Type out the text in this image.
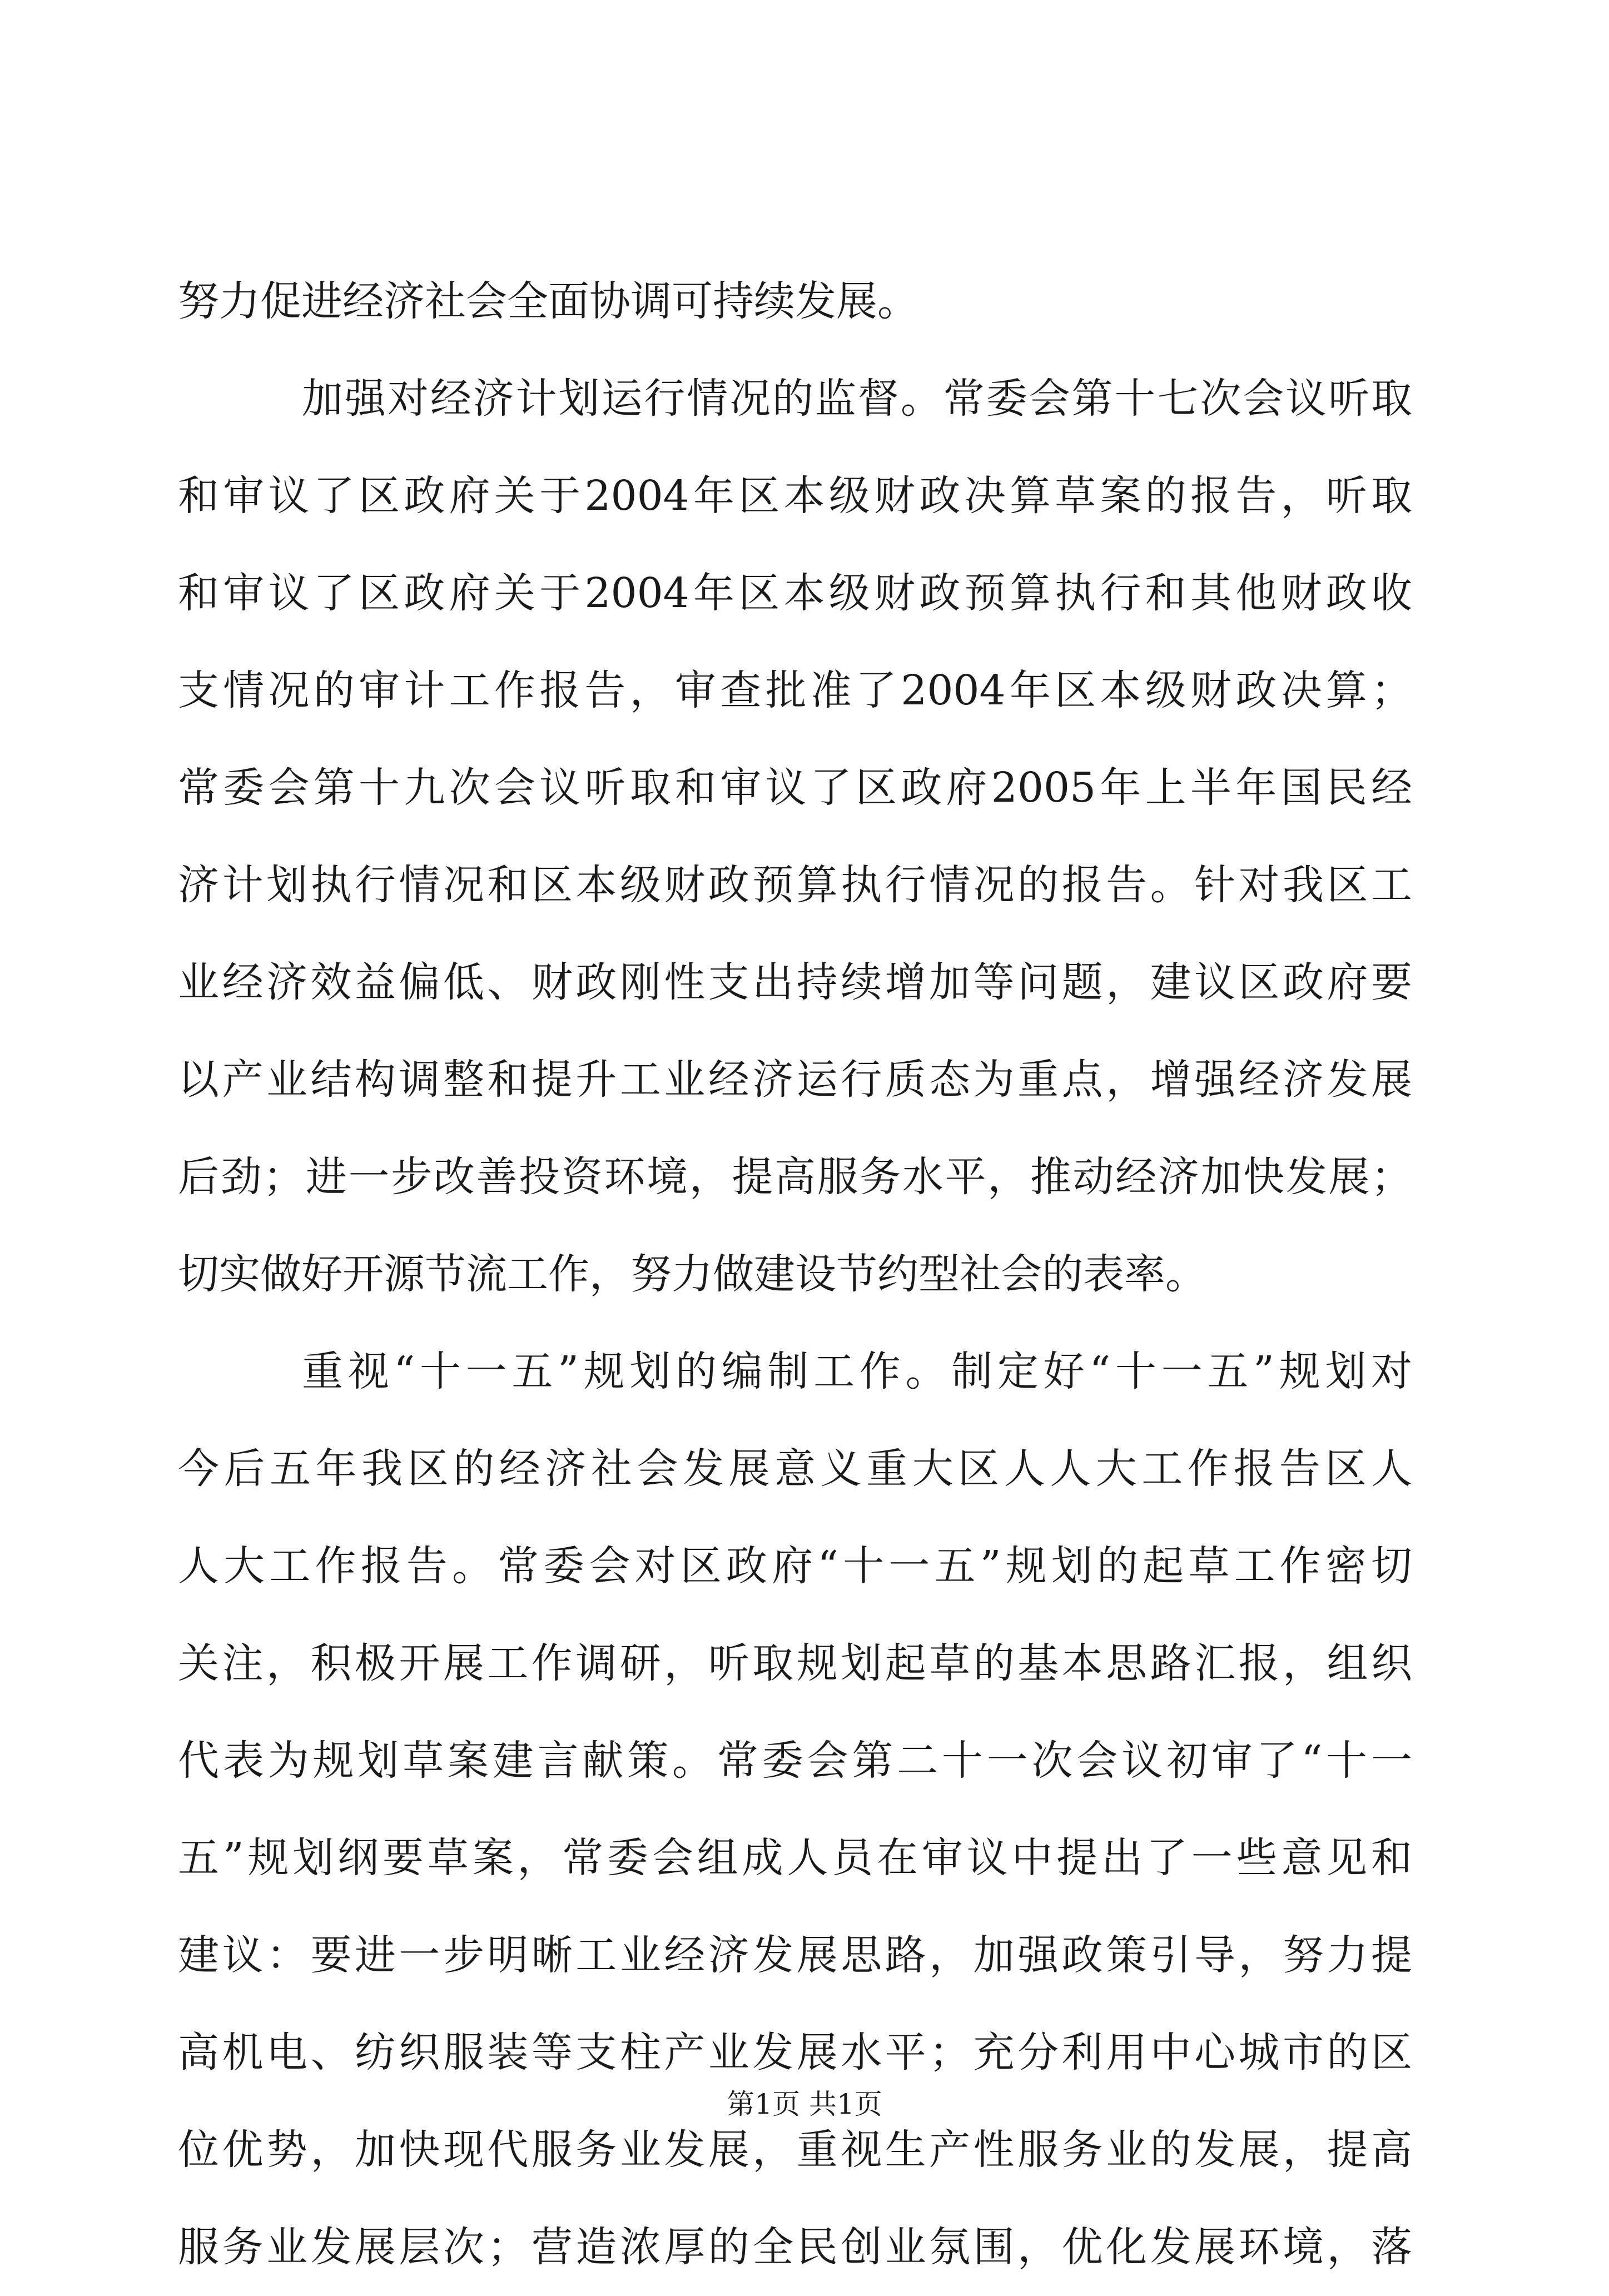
努力促进经济社会全面协调可持续发展。
加强对经济计划运行情况的监督。常委会第十七次会议听取
和审议了区政府关于2004年区本级财政决算草案的报告，听取
和审议了区政府关于2004年区本级财政预算执行和其他财政收
支情况的审计工作报告，审查批准了2004年区本级财政决算；
常委会第十九次会议听取和审议了区政府2005年上半年国民经
济计划执行情况和区本级财政预算执行情况的报告。针对我区工
业经济效益偏低、财政刚性支出持续增加等问题，建议区政府要
以产业结构调整和提升工业经济运行质态为重点，增强经济发展
后劲；进一步改善投资环境，提高服务水平，推动经济加快发展；
切实做好开源节流工作，努力做建设节约型社会的表率。
重视“十一五”规划的编制工作。制定好“十一五”规划对
今后五年我区的经济社会发展意义重大区人人大工作报告区人
人大工作报告。常委会对区政府“十一五”规划的起草工作密切
关注，积极开展工作调研，听取规划起草的基本思路汇报，组织
代表为规划草案建言献策。常委会第二十一次会议初审了“十一
五”规划纲要草案，常委会组成人员在审议中提出了一些意见和
建议：要进一步明晰工业经济发展思路，加强政策引导，努力提
高机电、纺织服装等支柱产业发展水平；充分利用中心城市的区
位优势，加快现代服务业发展，重视生产性服务业的发展，提高
服务业发展层次；营造浓厚的全民创业氛围，优化发展环境，落
第1页 共1页
